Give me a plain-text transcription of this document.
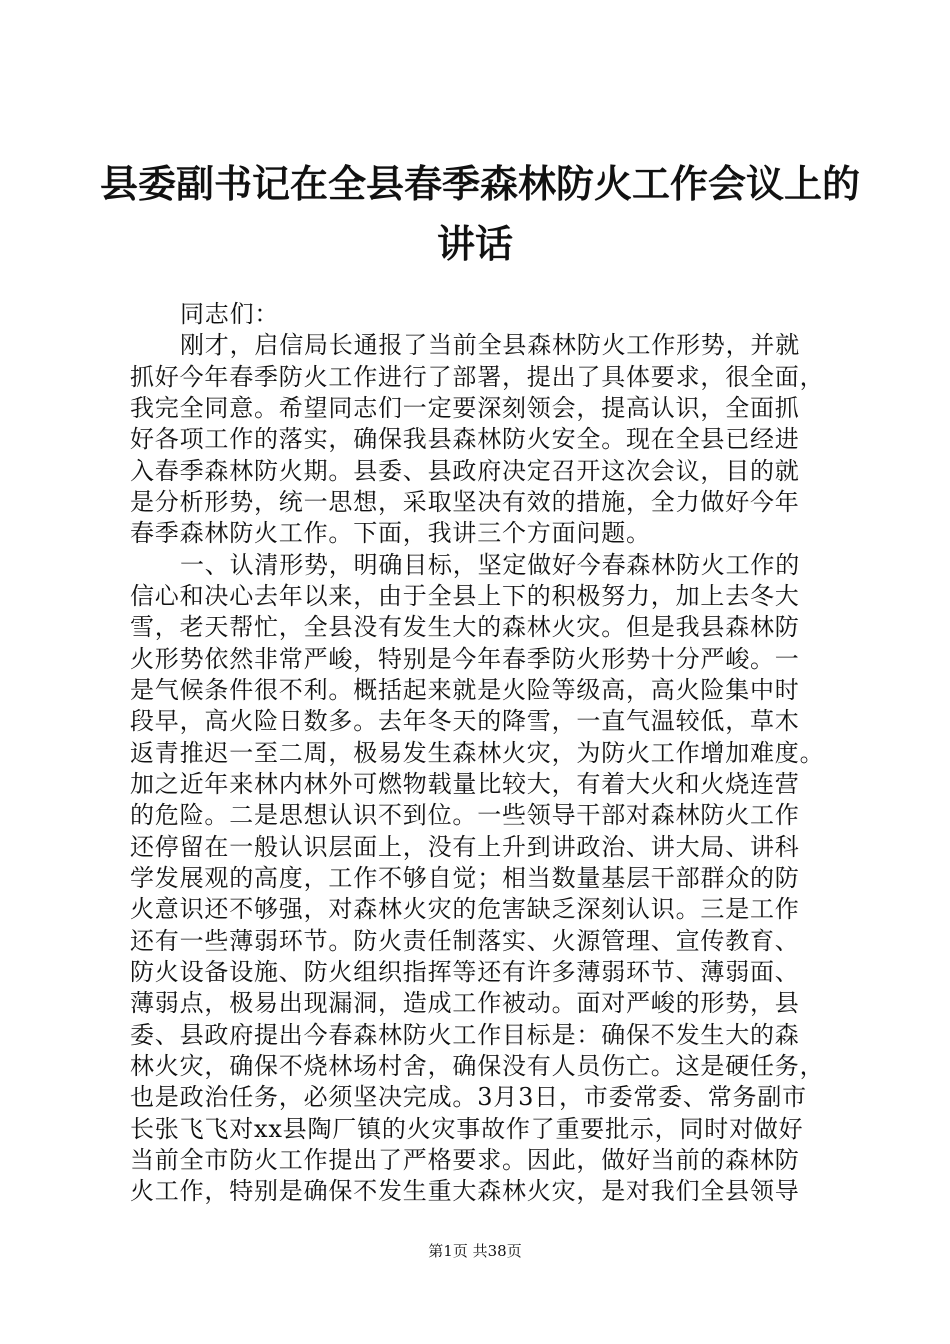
县委副书记在全县春季森林防火工作会议上的
讲话
同志们：
刚才，启信局长通报了当前全县森林防火工作形势，并就
抓好今年春季防火工作进行了部署，提出了具体要求，很全面，
我完全同意。希望同志们一定要深刻领会，提高认识，全面抓
好各项工作的落实，确保我县森林防火安全。现在全县已经进
入春季森林防火期。县委、县政府决定召开这次会议，目的就
是分析形势，统一思想，采取坚决有效的措施，全力做好今年
春季森林防火工作。下面，我讲三个方面问题。
一、认清形势，明确目标，坚定做好今春森林防火工作的
信心和决心去年以来，由于全县上下的积极努力，加上去冬大
雪，老天帮忙，全县没有发生大的森林火灾。但是我县森林防
火形势依然非常严峻，特别是今年春季防火形势十分严峻。一
是气候条件很不利。概括起来就是火险等级高，高火险集中时
段早，高火险日数多。去年冬天的降雪，一直气温较低，草木
返青推迟一至二周，极易发生森林火灾，为防火工作增加难度。
加之近年来林内林外可燃物载量比较大，有着大火和火烧连营
的危险。二是思想认识不到位。一些领导干部对森林防火工作
还停留在一般认识层面上，没有上升到讲政治、讲大局、讲科
学发展观的高度，工作不够自觉；相当数量基层干部群众的防
火意识还不够强，对森林火灾的危害缺乏深刻认识。三是工作
还有一些薄弱环节。防火责任制落实、火源管理、宣传教育、
防火设备设施、防火组织指挥等还有许多薄弱环节、薄弱面、
薄弱点，极易出现漏洞，造成工作被动。面对严峻的形势，县
委、县政府提出今春森林防火工作目标是：确保不发生大的森
林火灾，确保不烧林场村舍，确保没有人员伤亡。这是硬任务，
也是政治任务，必须坚决完成。3月3日，市委常委、常务副市
长张飞飞对xx县陶厂镇的火灾事故作了重要批示，同时对做好
当前全市防火工作提出了严格要求。因此，做好当前的森林防
火工作，特别是确保不发生重大森林火灾，是对我们全县领导
第1页 共38页
